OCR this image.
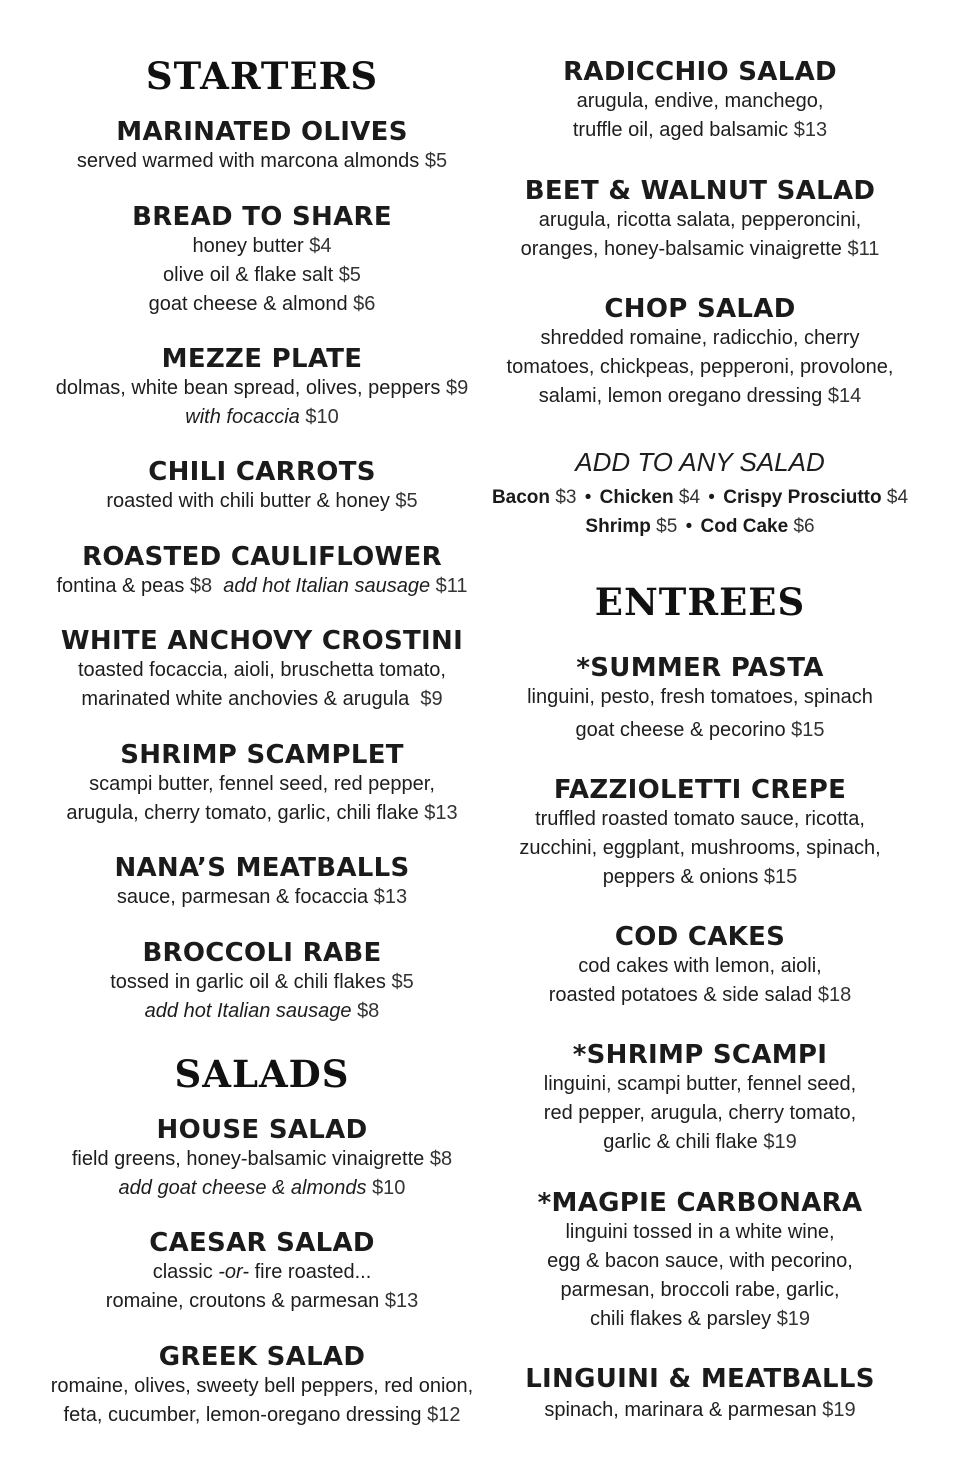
STARTERS
MARINATED OLIVES
served warmed with marcona almonds $5
BREAD TO SHARE
honey butter $4
olive oil & flake salt $5
goat cheese & almond $6
MEZZE PLATE
dolmas, white bean spread, olives, peppers $9
with focaccia $10
CHILI CARROTS
roasted with chili butter & honey $5
ROASTED CAULIFLOWER
fontina & peas $8 add hot Italian sausage $11
WHITE ANCHOVY CROSTINI
toasted focaccia, aioli, bruschetta tomato,
marinated white anchovies & arugula $9
SHRIMP SCAMPLET
scampi butter, fennel seed, red pepper,
arugula, cherry tomato, garlic, chili flake $13
NANA’S MEATBALLS
sauce, parmesan & focaccia $13
BROCCOLI RABE
tossed in garlic oil & chili flakes $5
add hot Italian sausage $8
SALADS
HOUSE SALAD
field greens, honey-balsamic vinaigrette $8
add goat cheese & almonds $10
CAESAR SALAD
classic -or- fire roasted...
romaine, croutons & parmesan $13
GREEK SALAD
romaine, olives, sweety bell peppers, red onion,
feta, cucumber, lemon-oregano dressing $12
RADICCHIO SALAD
arugula, endive, manchego,
truffle oil, aged balsamic $13
BEET & WALNUT SALAD
arugula, ricotta salata, pepperoncini,
oranges, honey-balsamic vinaigrette $11
CHOP SALAD
shredded romaine, radicchio, cherry
tomatoes, chickpeas, pepperoni, provolone,
salami, lemon oregano dressing $14
ADD TO ANY SALAD
Bacon $3 • Chicken $4 • Crispy Prosciutto $4
Shrimp $5 • Cod Cake $6
ENTREES
*SUMMER PASTA
linguini, pesto, fresh tomatoes, spinach
goat cheese & pecorino $15
FAZZIOLETTI CREPE
truffled roasted tomato sauce, ricotta,
zucchini, eggplant, mushrooms, spinach,
peppers & onions $15
COD CAKES
cod cakes with lemon, aioli,
roasted potatoes & side salad $18
*SHRIMP SCAMPI
linguini, scampi butter, fennel seed,
red pepper, arugula, cherry tomato,
garlic & chili flake $19
*MAGPIE CARBONARA
linguini tossed in a white wine,
egg & bacon sauce, with pecorino,
parmesan, broccoli rabe, garlic,
chili flakes & parsley $19
LINGUINI & MEATBALLS
spinach, marinara & parmesan $19
